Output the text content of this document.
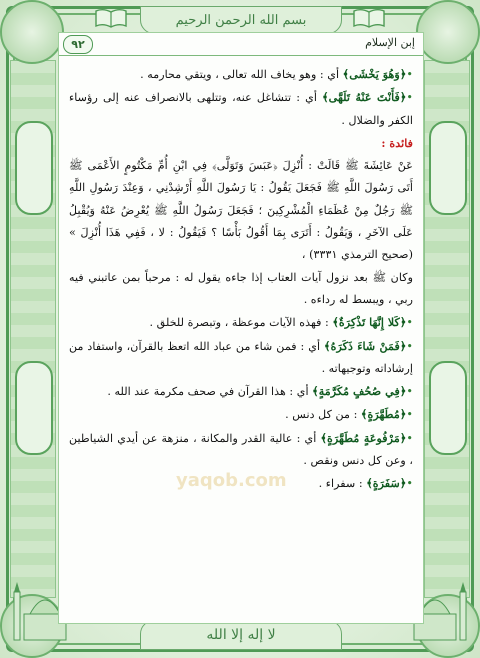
بسم الله الرحمن الرحيم
لا إله إلا الله
٩٢	إبن الإسلام

•﴿وَهُوَ يَخْشَى﴾ أي : وهو يخاف الله تعالى ، ويتقي محارمه .

•﴿فَأَنْتَ عَنْهُ تَلَهَّى﴾ أي : تتشاغل عنه، وتتلهى بالانصراف عنه إلى رؤساء الكفر والضلال .

فائدة :

عَنْ عَائِشَةَ ﷺ قَالَتْ : أُنْزِلَ ﴿عَبَسَ وَتَوَلَّى﴾ فِي ابْنِ أُمِّ مَكْتُومٍ الأَعْمَى ﷺ أَتَى رَسُولَ اللَّهِ ﷺ فَجَعَلَ يَقُولُ : يَا رَسُولَ اللَّهِ أَرْشِدْنِي ، وَعِنْدَ رَسُولِ اللَّهِ ﷺ رَجُلٌ مِنْ عُظَمَاءِ الْمُشْرِكِينَ ؛ فَجَعَلَ رَسُولُ اللَّهِ ﷺ يُعْرِضُ عَنْهُ وَيُقْبِلُ عَلَى الآخَرِ ، وَيَقُولُ : أَتَرَى بِمَا أَقُولُ بَأْسًا ؟ فَيَقُولُ : لا ، فَفِي هَذَا أُنْزِلَ » (صحيح الترمذي ٣٣٣١) ،

وكان ﷺ بعد نزول آيات العتاب إذا جاءه يقول له : مرحباً بمن عاتبني فيه ربي ، ويبسط له رداءه .

•﴿كَلا إِنَّهَا تَذْكِرَةٌ﴾ : فهذه الآيات موعظة ، وتبصرة للخلق .

•﴿فَمَنْ شَاءَ ذَكَرَهُ﴾ أي : فمن شاء من عباد الله اتعظ بالقرآن، واستفاد من إرشاداته وتوجيهاته .

•﴿فِي صُحُفٍ مُكَرَّمَةٍ﴾ أي : هذا القرآن في صحف مكرمة عند الله .

•﴿مُطَهَّرَةٍ﴾ : من كل دنس .

•﴿مَرْفُوعَةٍ مُطَهَّرَةٍ﴾ أي : عالية القدر والمكانة ، منزهة عن أيدي الشياطين ، وعن كل دنس ونقص .

•﴿سَفَرَةٍ﴾ : سفراء .

yaqob.com
